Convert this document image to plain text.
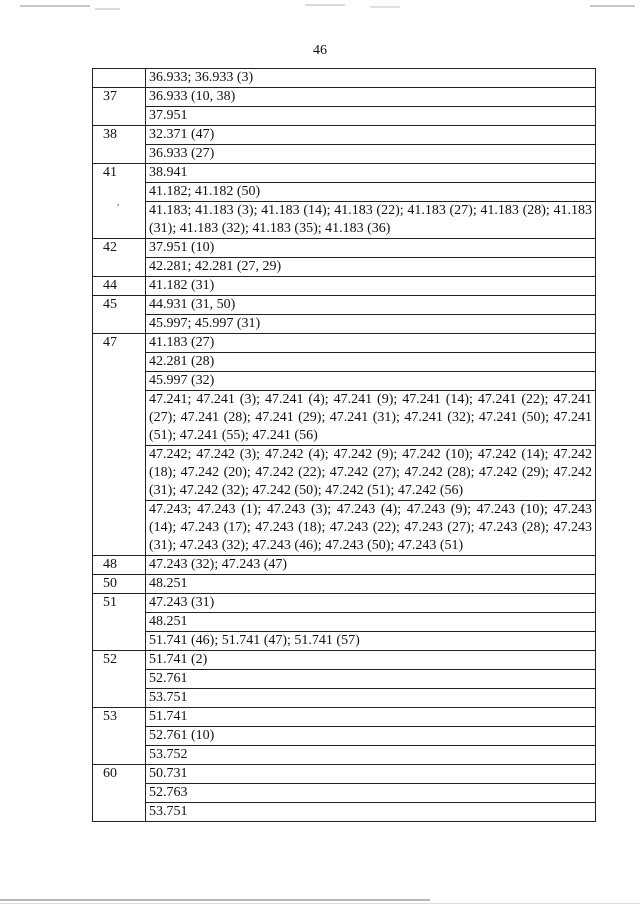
46
	36.933; 36.933 (3)
37	36.933 (10, 38)
	37.951
38	32.371 (47)
	36.933 (27)
41	38.941
	41.182; 41.182 (50)
	41.183; 41.183 (3); 41.183 (14); 41.183 (22); 41.183 (27); 41.183 (28); 41.183 (31); 41.183 (32); 41.183 (35); 41.183 (36)
42	37.951 (10)
	42.281; 42.281 (27, 29)
44	41.182 (31)
45	44.931 (31, 50)
	45.997; 45.997 (31)
47	41.183 (27)
	42.281 (28)
	45.997 (32)
	47.241; 47.241 (3); 47.241 (4); 47.241 (9); 47.241 (14); 47.241 (22); 47.241 (27); 47.241 (28); 47.241 (29); 47.241 (31); 47.241 (32); 47.241 (50); 47.241 (51); 47.241 (55); 47.241 (56)
	47.242; 47.242 (3); 47.242 (4); 47.242 (9); 47.242 (10); 47.242 (14); 47.242 (18); 47.242 (20); 47.242 (22); 47.242 (27); 47.242 (28); 47.242 (29); 47.242 (31); 47.242 (32); 47.242 (50); 47.242 (51); 47.242 (56)
	47.243; 47.243 (1); 47.243 (3); 47.243 (4); 47.243 (9); 47.243 (10); 47.243 (14); 47.243 (17); 47.243 (18); 47.243 (22); 47.243 (27); 47.243 (28); 47.243 (31); 47.243 (32); 47.243 (46); 47.243 (50); 47.243 (51)
48	47.243 (32); 47.243 (47)
50	48.251
51	47.243 (31)
	48.251
	51.741 (46); 51.741 (47); 51.741 (57)
52	51.741 (2)
	52.761
	53.751
53	51.741
	52.761 (10)
	53.752
60	50.731
	52.763
	53.751
,
